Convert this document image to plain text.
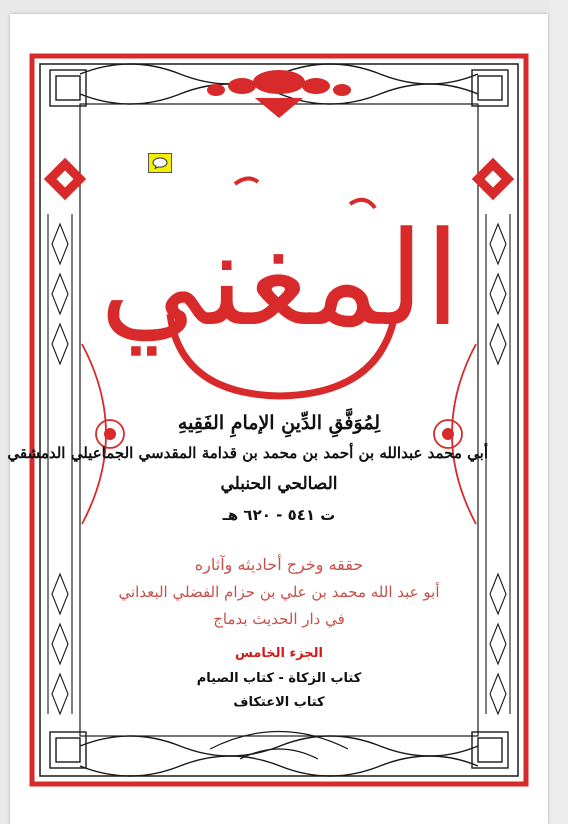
المغني
لِمُوَفَّقِ الدِّينِ الإمامِ الفَقِيهِ
أبي محمد عبدالله بن أحمد بن محمد بن قدامة المقدسي الجماعيلي الدمشقي
الصالحي الحنبلي
ت ٥٤١ - ٦٢٠ هـ
حققه وخرج أحاديثه وآثاره
أبو عبد الله محمد بن علي بن حزام الفضلي البعداني
في دار الحديث بدماج
الجزء الخامس
كتاب الزكاة - كتاب الصيام
كتاب الاعتكاف
